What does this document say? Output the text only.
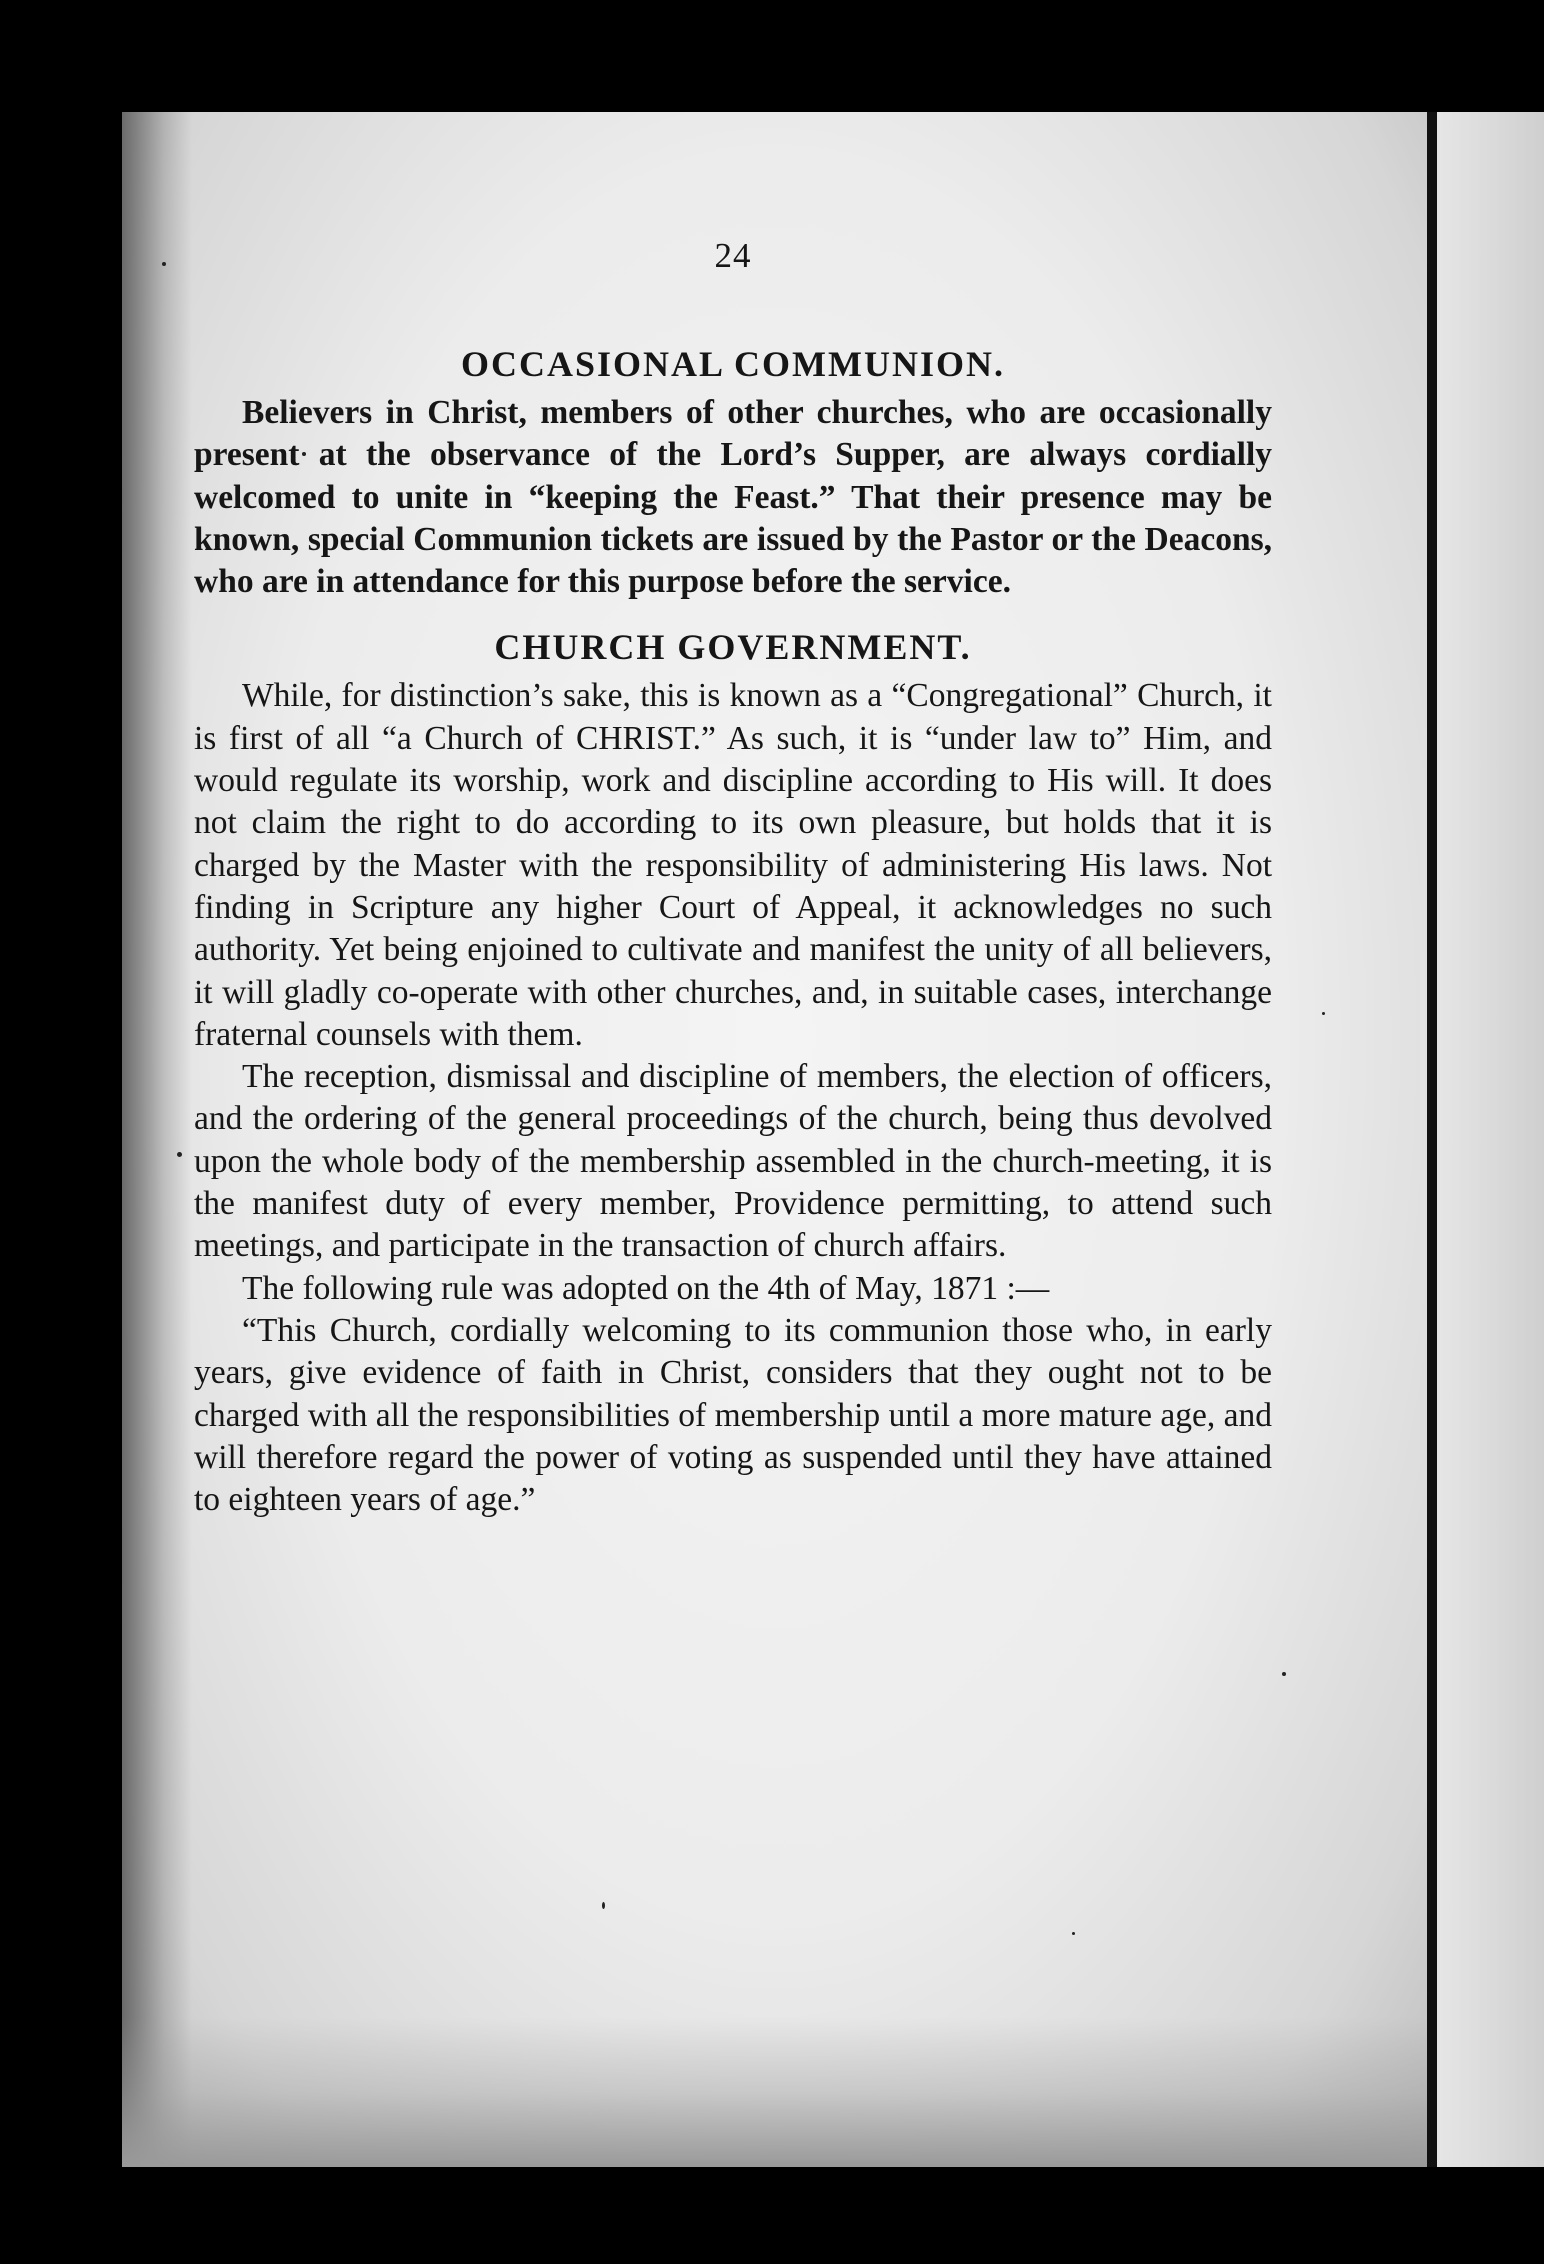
24
OCCASIONAL COMMUNION.

Believers in Christ, members of other churches, who are occasionally present at the observance of the Lord’s Supper, are always cordially welcomed to unite in “keeping the Feast.” That their presence may be known, special Communion tickets are issued by the Pastor or the Deacons, who are in attendance for this purpose before the service.

CHURCH GOVERNMENT.

While, for distinction’s sake, this is known as a “Congregational” Church, it is first of all “a Church of CHRIST.” As such, it is “under law to” Him, and would regulate its worship, work and discipline according to His will. It does not claim the right to do according to its own pleasure, but holds that it is charged by the Master with the responsibility of administering His laws. Not finding in Scripture any higher Court of Appeal, it acknowledges no such authority. Yet being enjoined to cultivate and manifest the unity of all believers, it will gladly co-operate with other churches, and, in suitable cases, interchange fraternal counsels with them.

The reception, dismissal and discipline of members, the election of officers, and the ordering of the general proceedings of the church, being thus devolved upon the whole body of the membership assembled in the church-meeting, it is the manifest duty of every member, Providence permitting, to attend such meetings, and participate in the transaction of church affairs.

The following rule was adopted on the 4th of May, 1871 :—

“This Church, cordially welcoming to its communion those who, in early years, give evidence of faith in Christ, considers that they ought not to be charged with all the responsibilities of membership until a more mature age, and will therefore regard the power of voting as suspended until they have attained to eighteen years of age.”
